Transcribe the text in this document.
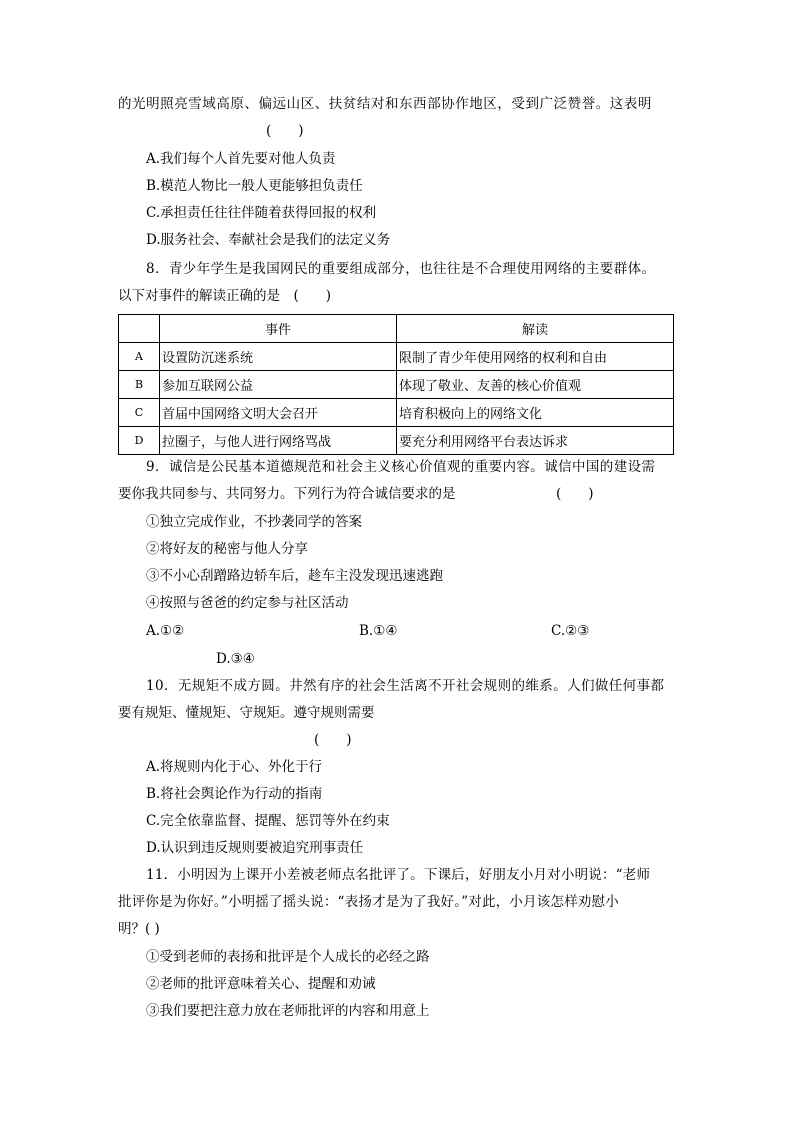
的光明照亮雪域高原、偏远山区、扶贫结对和东西部协作地区，受到广泛赞誉。这表明
(　　)
A.我们每个人首先要对他人负责
B.模范人物比一般人更能够担负责任
C.承担责任往往伴随着获得回报的权利
D.服务社会、奉献社会是我们的法定义务
8．青少年学生是我国网民的重要组成部分，也往往是不合理使用网络的主要群体。
以下对事件的解读正确的是　(　　)
	事件	解读
A	设置防沉迷系统	限制了青少年使用网络的权利和自由
B	参加互联网公益	体现了敬业、友善的核心价值观
C	首届中国网络文明大会召开	培育积极向上的网络文化
D	拉圈子，与他人进行网络骂战	要充分利用网络平台表达诉求
9．诚信是公民基本道德规范和社会主义核心价值观的重要内容。诚信中国的建设需
要你我共同参与、共同努力。下列行为符合诚信要求的是	(　　)
①独立完成作业，不抄袭同学的答案
②将好友的秘密与他人分享
③不小心刮蹭路边轿车后，趁车主没发现迅速逃跑
④按照与爸爸的约定参与社区活动
A.①②	B.①④	C.②③
D.③④
10．无规矩不成方圆。井然有序的社会生活离不开社会规则的维系。人们做任何事都
要有规矩、懂规矩、守规矩。遵守规则需要
(　　)
A.将规则内化于心、外化于行
B.将社会舆论作为行动的指南
C.完全依靠监督、提醒、惩罚等外在约束
D.认识到违反规则要被追究刑事责任
11．小明因为上课开小差被老师点名批评了。下课后，好朋友小月对小明说：“老师
批评你是为你好。”小明摇了摇头说：“表扬才是为了我好。”对此，小月该怎样劝慰小
明？( )
①受到老师的表扬和批评是个人成长的必经之路
②老师的批评意味着关心、提醒和劝诫
③我们要把注意力放在老师批评的内容和用意上
